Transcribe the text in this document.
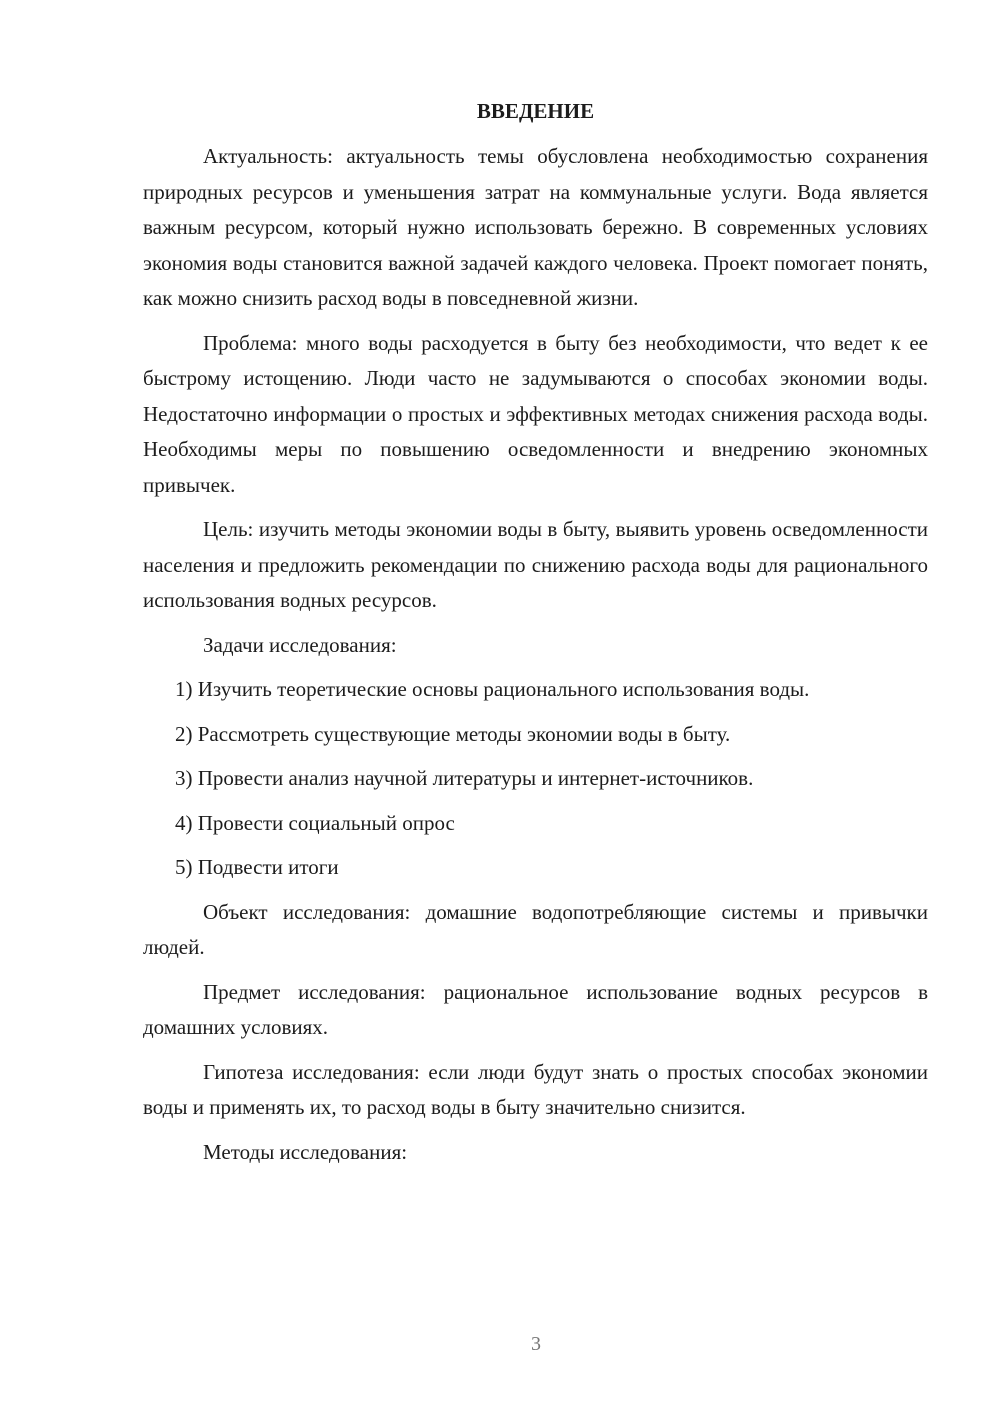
ВВЕДЕНИЕ

Актуальность: актуальность темы обусловлена необходимостью сохранения природных ресурсов и уменьшения затрат на коммунальные услуги. Вода является важным ресурсом, который нужно использовать бережно. В современных условиях экономия воды становится важной задачей каждого человека. Проект помогает понять, как можно снизить расход воды в повседневной жизни.

Проблема: много воды расходуется в быту без необходимости, что ведет к ее быстрому истощению. Люди часто не задумываются о способах экономии воды. Недостаточно информации о простых и эффективных методах снижения расхода воды. Необходимы меры по повышению осведомленности и внедрению экономных привычек.

Цель: изучить методы экономии воды в быту, выявить уровень осведомленности населения и предложить рекомендации по снижению расхода воды для рационального использования водных ресурсов.

Задачи исследования:

1) Изучить теоретические основы рационального использования воды.

2) Рассмотреть существующие методы экономии воды в быту.

3) Провести анализ научной литературы и интернет-источников.

4) Провести социальный опрос

5) Подвести итоги

Объект исследования: домашние водопотребляющие системы и привычки людей.

Предмет исследования: рациональное использование водных ресурсов в домашних условиях.

Гипотеза исследования: если люди будут знать о простых способах экономии воды и применять их, то расход воды в быту значительно снизится.

Методы исследования:

3
